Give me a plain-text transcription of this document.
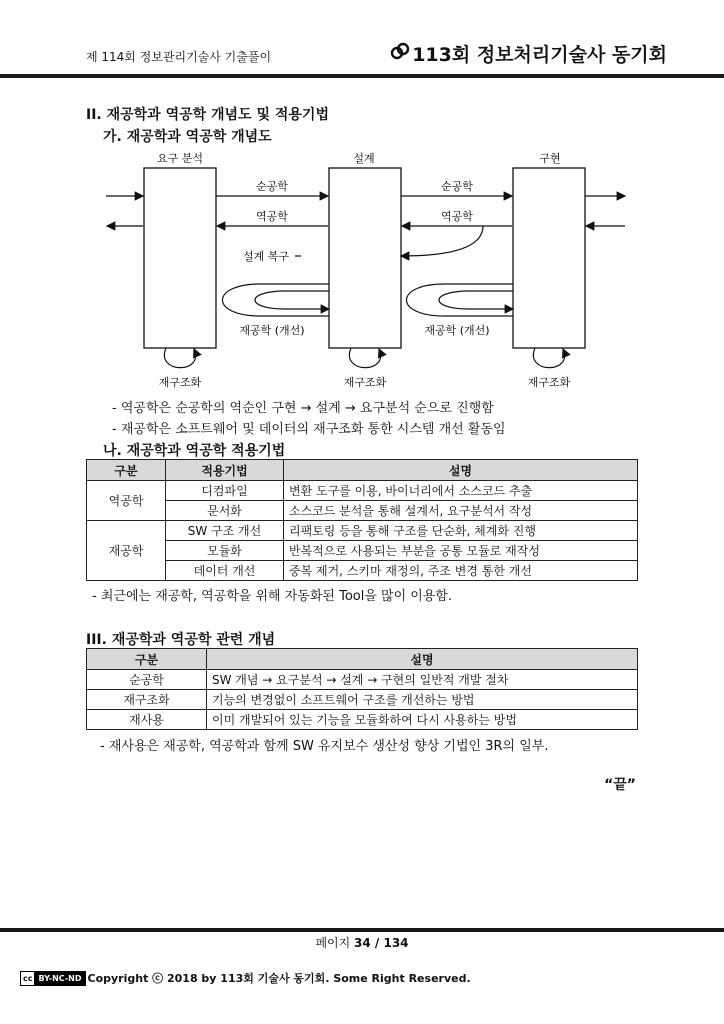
제 114회 정보관리기술사 기출풀이	113회 정보처리기술사 동기회
II. 재공학과 역공학 개념도 및 적용기법
가. 재공학과 역공학 개념도
요구 분석	설계	구현
순공학	순공학
역공학	역공학
설계 복구
재공학 (개선)	재공학 (개선)
재구조화	재구조화	재구조화
- 역공학은 순공학의 역순인 구현 → 설계 → 요구분석 순으로 진행함
- 재공학은 소프트웨어 및 데이터의 재구조화 통한 시스템 개선 활동임
나. 재공학과 역공학 적용기법
구분	적용기법	설명
역공학	디컴파일	변환 도구를 이용, 바이너리에서 소스코드 추출
	문서화	소스코드 분석을 통해 설계서, 요구분석서 작성
재공학	SW 구조 개선	리팩토링 등을 통해 구조를 단순화, 체계화 진행
	모듈화	반복적으로 사용되는 부분을 공통 모듈로 재작성
	데이터 개선	중복 제거, 스키마 재정의, 주조 변경 통한 개선
- 최근에는 재공학, 역공학을 위해 자동화된 Tool을 많이 이용함.
III. 재공학과 역공학 관련 개념
구분	설명
순공학	SW 개념 → 요구분석 → 설계 → 구현의 일반적 개발 절차
재구조화	기능의 변경없이 소프트웨어 구조를 개선하는 방법
재사용	이미 개발되어 있는 기능을 모듈화하여 다시 사용하는 방법
- 재사용은 재공학, 역공학과 함께 SW 유지보수 생산성 향상 기법인 3R의 일부.
“끝”
페이지 34 / 134
cc BY-NC-ND Copyright ⓒ 2018 by 113회 기술사 동기회. Some Right Reserved.
